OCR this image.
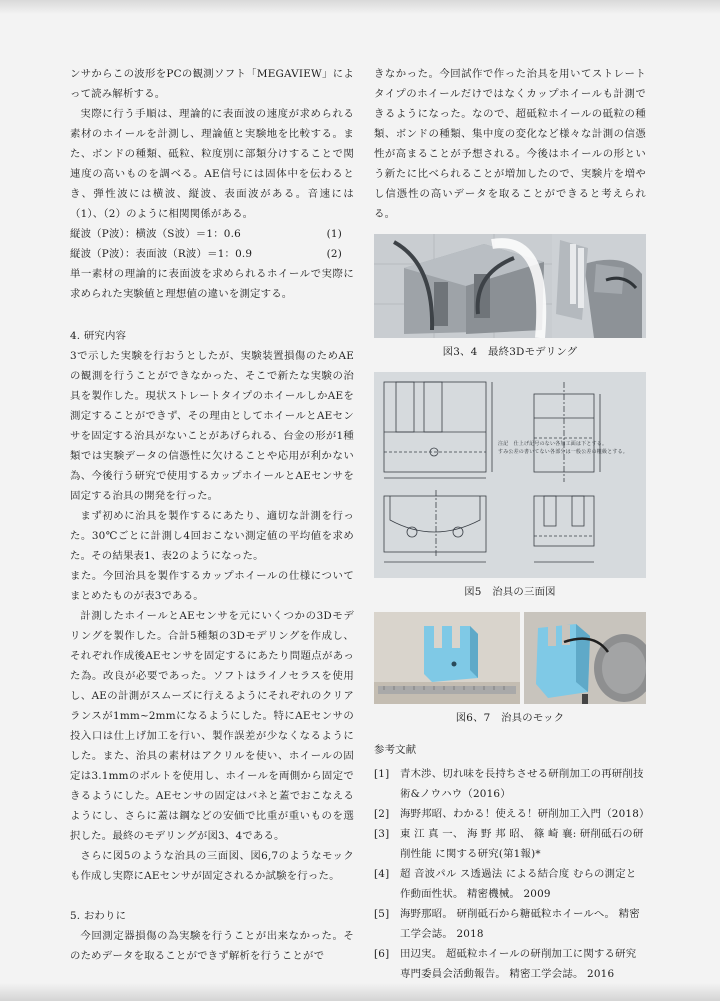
ンサからこの波形をPCの観測ソフト「MEGAVIEW」によって読み解析する。

実際に行う手順は、理論的に表面波の速度が求められる素材のホイールを計測し、理論値と実験地を比較する。また、ボンドの種類、砥粒、粒度別に部類分けすることで関連度の高いものを調べる。AE信号には固体中を伝わるとき、弾性波には横波、縦波、表面波がある。音速には（1）、（2）のように相関関係がある。

縦波（P波）：横波（S波）＝1：0.6	(1)

縦波（P波）：表面波（R波）＝1：0.9	(2)

単一素材の理論的に表面波を求められるホイールで実際に求められた実験値と理想値の違いを測定する。

4. 研究内容

3で示した実験を行おうとしたが、実験装置損傷のためAEの観測を行うことができなかった、そこで新たな実験の治具を製作した。現状ストレートタイプのホイールしかAEを測定することができず、その理由としてホイールとAEセンサを固定する治具がないことがあげられる、台金の形が1種類では実験データの信憑性に欠けることや応用が利かない為、今後行う研究で使用するカップホイールとAEセンサを固定する治具の開発を行った。

まず初めに治具を製作するにあたり、適切な計測を行った。30℃ごとに計測し4回おこない測定値の平均値を求めた。その結果表1、表2のようになった。

また。今回治具を製作するカップホイールの仕様についてまとめたものが表3である。

計測したホイールとAEセンサを元にいくつかの3Dモデリングを製作した。合計5種類の3Dモデリングを作成し、それぞれ作成後AEセンサを固定するにあたり問題点があった為。改良が必要であった。ソフトはライノセラスを使用し、AEの計測がスムーズに行えるようにそれぞれのクリアランスが1mm~2mmになるようにした。特にAEセンサの投入口は仕上げ加工を行い、製作誤差が少なくなるようにした。また、治具の素材はアクリルを使い、ホイールの固定は3.1mmのボルトを使用し、ホイールを両側から固定できるようにした。AEセンサの固定はバネと蓋でおこなえるようにし、さらに蓋は鋼などの安価で比重が重いものを選択した。最終のモデリングが図3、4である。

さらに図5のような治具の三面図、図6,7のようなモックも作成し実際にAEセンサが固定されるか試験を行った。

5. おわりに

今回測定器損傷の為実験を行うことが出来なかった。そのためデータを取ることができず解析を行うことがで

きなかった。今回試作で作った治具を用いてストレートタイプのホイールだけではなくカップホイールも計測できるようになった。なので、超砥粒ホイールの砥粒の種類、ボンドの種類、集中度の変化など様々な計測の信憑性が高まることが予想される。今後はホイールの形という新たに比べられることが増加したので、実験片を増やし信憑性の高いデータを取ることができると考えられる。

図3、4　最終3Dモデリング

注記　仕上げ記号のない各加工面は下とする。
すみ公差の書いてない各部分は一般公差の粗級とする。

図5　治具の三面図

図6、7　治具のモック

参考文献

[1]	青木渉、切れ味を長持ちさせる研削加工の再研削技術&ノウハウ（2016）

[2]	海野邦昭、わかる！使える！研削加工入門（2018）

[3]	東 江 真 一、 海 野 邦 昭、 篠 崎 襄: 研削砥石の研削性能 に関する研究(第1報)*

[4]	超 音波パル ス透過法 による結合度 むらの測定と作動面性状。 精密機械。 2009

[5]	海野那昭。 研削砥石から糖砥粒ホイールへ。 精密工学会誌。 2018

[6]	田辺実。 超砥粒ホイールの研削加工に関する研究専門委員会活動報告。 精密工学会誌。 2016
